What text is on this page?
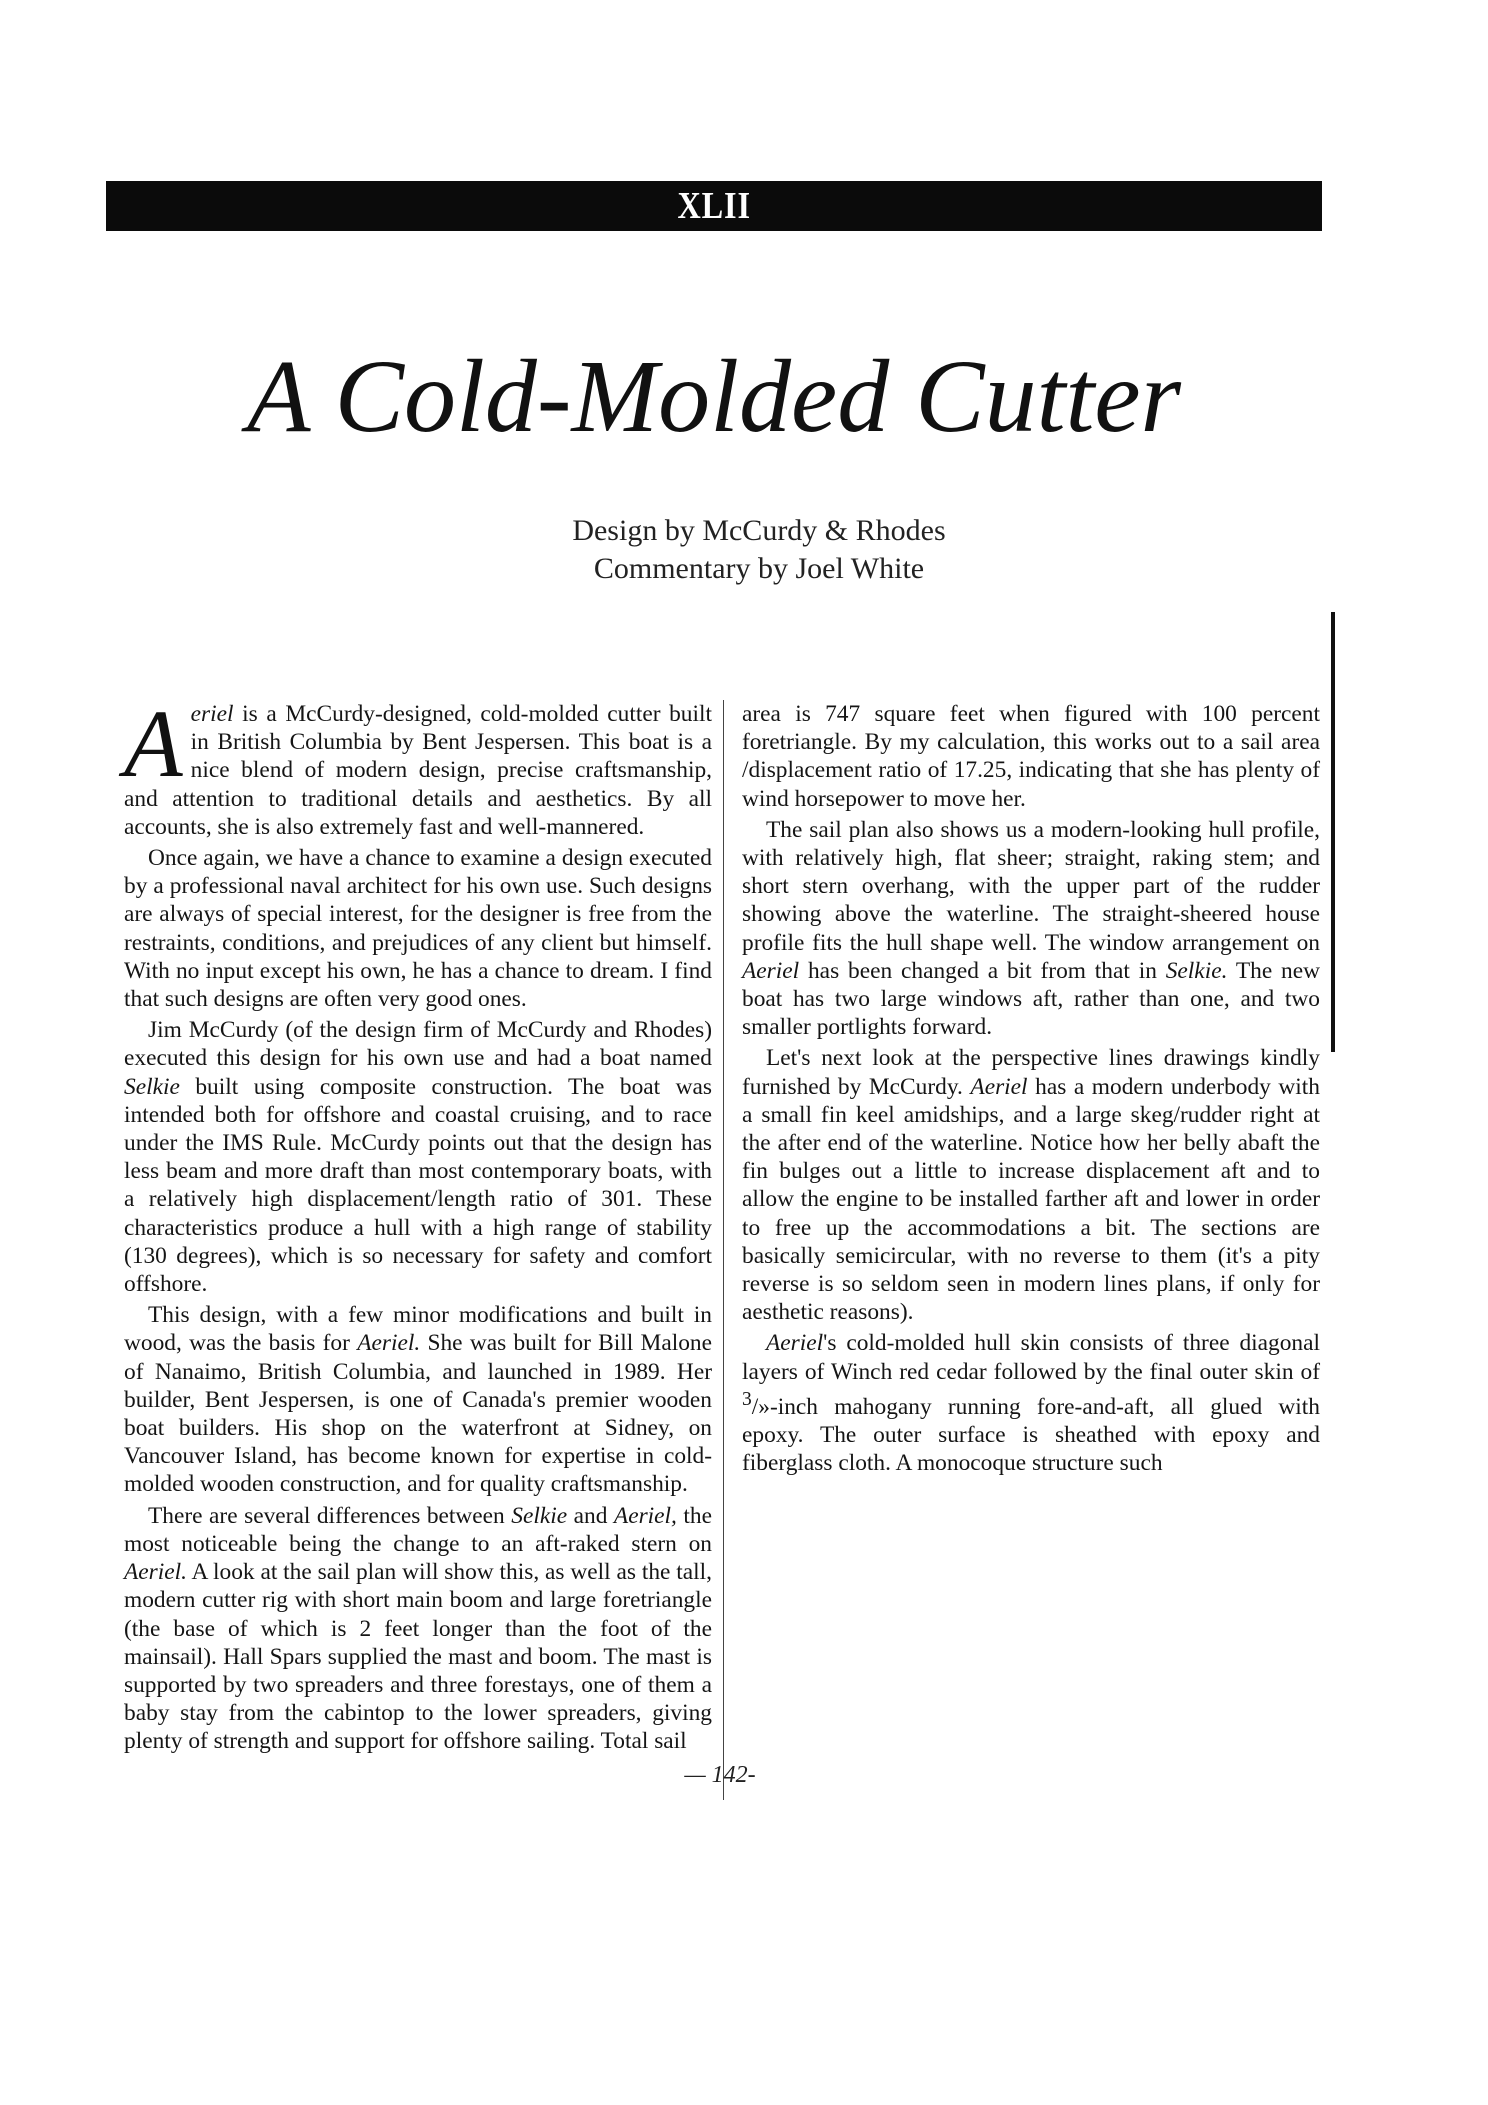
XLII
A Cold-Molded Cutter
Design by McCurdy & Rhodes
Commentary by Joel White

Aeriel is a McCurdy-designed, cold-molded cutter built in British Columbia by Bent Jespersen. This boat is a nice blend of modern design, precise craftsmanship, and attention to traditional details and aesthetics. By all accounts, she is also extremely fast and well-mannered.

Once again, we have a chance to examine a design executed by a professional naval architect for his own use. Such designs are always of special interest, for the designer is free from the restraints, conditions, and prejudices of any client but himself. With no input except his own, he has a chance to dream. I find that such designs are often very good ones.

Jim McCurdy (of the design firm of McCurdy and Rhodes) executed this design for his own use and had a boat named Selkie built using composite construction. The boat was intended both for offshore and coastal cruising, and to race under the IMS Rule. McCurdy points out that the design has less beam and more draft than most contemporary boats, with a relatively high displacement/length ratio of 301. These characteristics produce a hull with a high range of stability (130 degrees), which is so necessary for safety and comfort offshore.

This design, with a few minor modifications and built in wood, was the basis for Aeriel. She was built for Bill Malone of Nanaimo, British Columbia, and launched in 1989. Her builder, Bent Jespersen, is one of Canada's premier wooden boat builders. His shop on the waterfront at Sidney, on Vancouver Island, has become known for expertise in cold-molded wooden construction, and for quality craftsmanship.

There are several differences between Selkie and Aeriel, the most noticeable being the change to an aft-raked stern on Aeriel. A look at the sail plan will show this, as well as the tall, modern cutter rig with short main boom and large foretriangle (the base of which is 2 feet longer than the foot of the mainsail). Hall Spars supplied the mast and boom. The mast is supported by two spreaders and three forestays, one of them a baby stay from the cabintop to the lower spreaders, giving plenty of strength and support for offshore sailing. Total sail

area is 747 square feet when figured with 100 percent foretriangle. By my calculation, this works out to a sail area /displacement ratio of 17.25, indicating that she has plenty of wind horsepower to move her.

The sail plan also shows us a modern-looking hull profile, with relatively high, flat sheer; straight, raking stem; and short stern overhang, with the upper part of the rudder showing above the waterline. The straight-sheered house profile fits the hull shape well. The window arrangement on Aeriel has been changed a bit from that in Selkie. The new boat has two large windows aft, rather than one, and two smaller portlights forward.

Let's next look at the perspective lines drawings kindly furnished by McCurdy. Aeriel has a modern underbody with a small fin keel amidships, and a large skeg/rudder right at the after end of the waterline. Notice how her belly abaft the fin bulges out a little to increase displacement aft and to allow the engine to be installed farther aft and lower in order to free up the accommodations a bit. The sections are basically semicircular, with no reverse to them (it's a pity reverse is so seldom seen in modern lines plans, if only for aesthetic reasons).

Aeriel's cold-molded hull skin consists of three diagonal layers of Winch red cedar followed by the final outer skin of $^3$/»-inch mahogany running fore-and-aft, all glued with epoxy. The outer surface is sheathed with epoxy and fiberglass cloth. A monocoque structure such

— 142-
